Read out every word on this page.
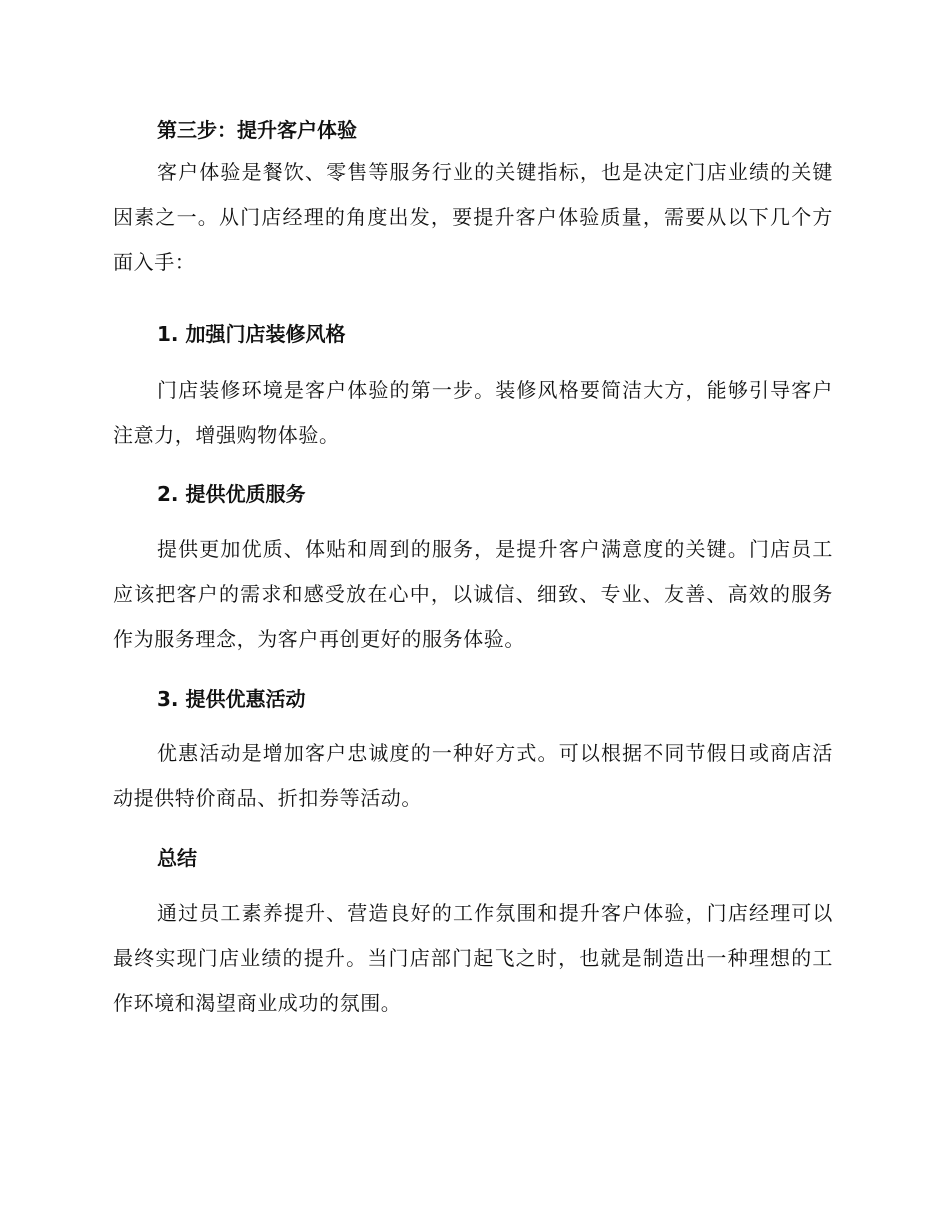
第三步：提升客户体验
客户体验是餐饮、零售等服务行业的关键指标，也是决定门店业绩的关键因素之一。从门店经理的角度出发，要提升客户体验质量，需要从以下几个方面入手：
1. 加强门店装修风格
门店装修环境是客户体验的第一步。装修风格要简洁大方，能够引导客户注意力，增强购物体验。
2. 提供优质服务
提供更加优质、体贴和周到的服务，是提升客户满意度的关键。门店员工应该把客户的需求和感受放在心中，以诚信、细致、专业、友善、高效的服务作为服务理念，为客户再创更好的服务体验。
3. 提供优惠活动
优惠活动是增加客户忠诚度的一种好方式。可以根据不同节假日或商店活动提供特价商品、折扣券等活动。
总结
通过员工素养提升、营造良好的工作氛围和提升客户体验，门店经理可以最终实现门店业绩的提升。当门店部门起飞之时，也就是制造出一种理想的工作环境和渴望商业成功的氛围。
